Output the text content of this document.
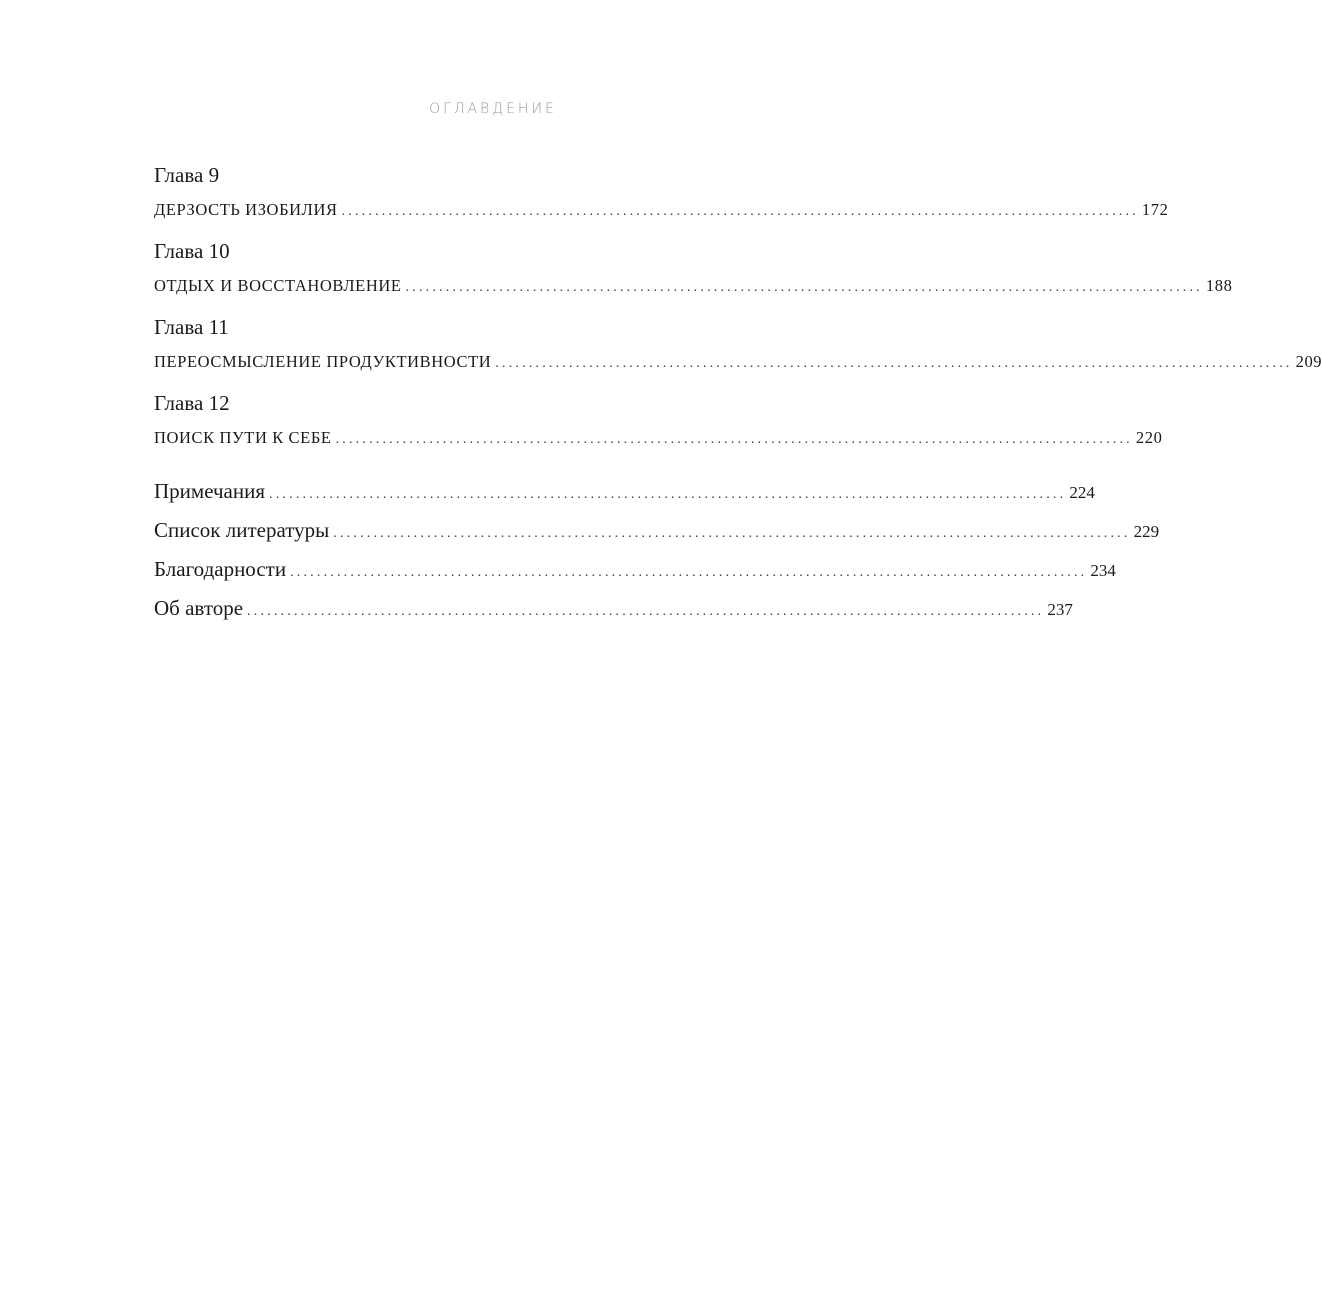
ОГЛАВДЕНИЕ
Глава 9
ДЕРЗОСТЬ ИЗОБИЛИЯ ....................................................................................................................... 172
Глава 10
ОТДЫХ И ВОССТАНОВЛЕНИЕ ....................................................................................................................... 188
Глава 11
ПЕРЕОСМЫСЛЕНИЕ ПРОДУКТИВНОСТИ ....................................................................................................................... 209
Глава 12
ПОИСК ПУТИ К СЕБЕ ....................................................................................................................... 220
Примечания ....................................................................................................................... 224
Список литературы ....................................................................................................................... 229
Благодарности ....................................................................................................................... 234
Об авторе ....................................................................................................................... 237
